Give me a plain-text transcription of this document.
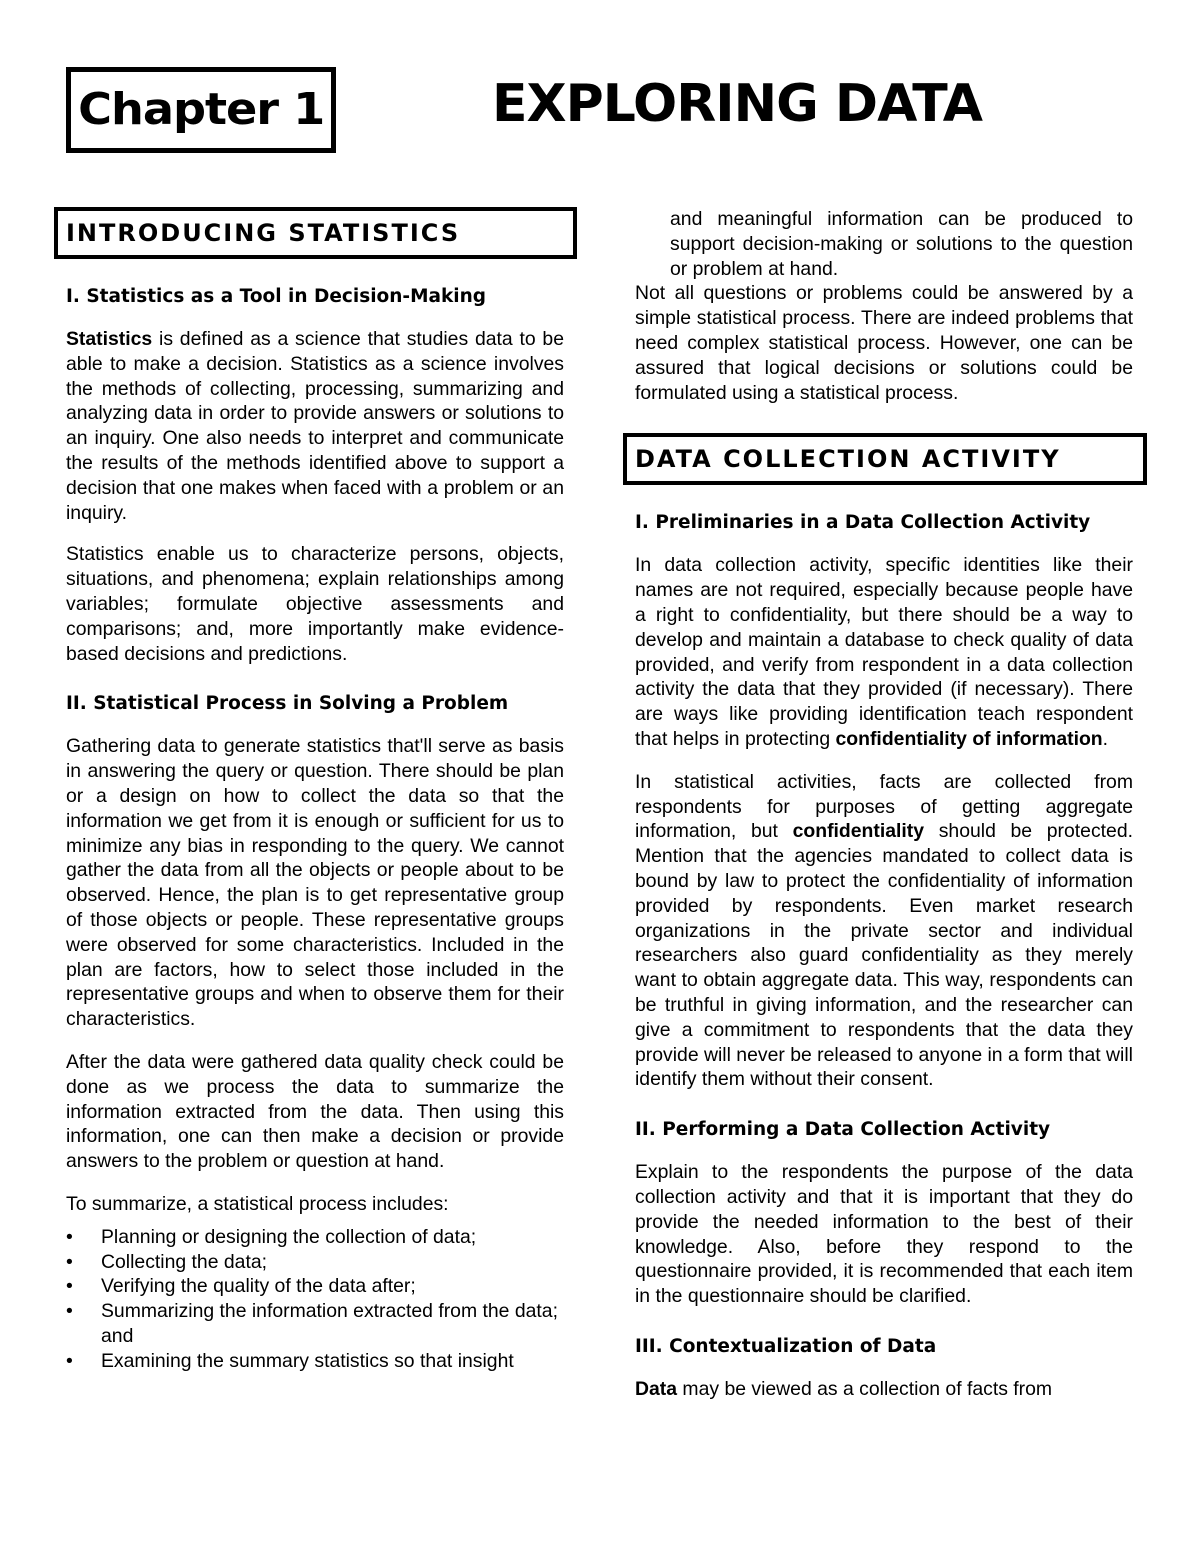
Chapter 1	EXPLORING DATA
INTRODUCING STATISTICS
I. Statistics as a Tool in Decision-Making

Statistics is defined as a science that studies data to be able to make a decision. Statistics as a science involves the methods of collecting, processing, summarizing and analyzing data in order to provide answers or solutions to an inquiry. One also needs to interpret and communicate the results of the methods identified above to support a decision that one makes when faced with a problem or an inquiry.

Statistics enable us to characterize persons, objects, situations, and phenomena; explain relationships among variables; formulate objective assessments and comparisons; and, more importantly make evidence-based decisions and predictions.

II. Statistical Process in Solving a Problem

Gathering data to generate statistics that'll serve as basis in answering the query or question. There should be plan or a design on how to collect the data so that the information we get from it is enough or sufficient for us to minimize any bias in responding to the query. We cannot gather the data from all the objects or people about to be observed. Hence, the plan is to get representative group of those objects or people. These representative groups were observed for some characteristics. Included in the plan are factors, how to select those included in the representative groups and when to observe them for their characteristics.

After the data were gathered data quality check could be done as we process the data to summarize the information extracted from the data. Then using this information, one can then make a decision or provide answers to the problem or question at hand.

To summarize, a statistical process includes:

• Planning or designing the collection of data;
• Collecting the data;
• Verifying the quality of the data after;
• Summarizing the information extracted from the data; and
• Examining the summary statistics so that insight

and meaningful information can be produced to support decision-making or solutions to the question or problem at hand.

Not all questions or problems could be answered by a simple statistical process. There are indeed problems that need complex statistical process. However, one can be assured that logical decisions or solutions could be formulated using a statistical process.

DATA COLLECTION ACTIVITY
I. Preliminaries in a Data Collection Activity

In data collection activity, specific identities like their names are not required, especially because people have a right to confidentiality, but there should be a way to develop and maintain a database to check quality of data provided, and verify from respondent in a data collection activity the data that they provided (if necessary). There are ways like providing identification teach respondent that helps in protecting confidentiality of information.

In statistical activities, facts are collected from respondents for purposes of getting aggregate information, but confidentiality should be protected. Mention that the agencies mandated to collect data is bound by law to protect the confidentiality of information provided by respondents. Even market research organizations in the private sector and individual researchers also guard confidentiality as they merely want to obtain aggregate data. This way, respondents can be truthful in giving information, and the researcher can give a commitment to respondents that the data they provide will never be released to anyone in a form that will identify them without their consent.

II. Performing a Data Collection Activity

Explain to the respondents the purpose of the data collection activity and that it is important that they do provide the needed information to the best of their knowledge. Also, before they respond to the questionnaire provided, it is recommended that each item in the questionnaire should be clarified.

III. Contextualization of Data

Data may be viewed as a collection of facts from
